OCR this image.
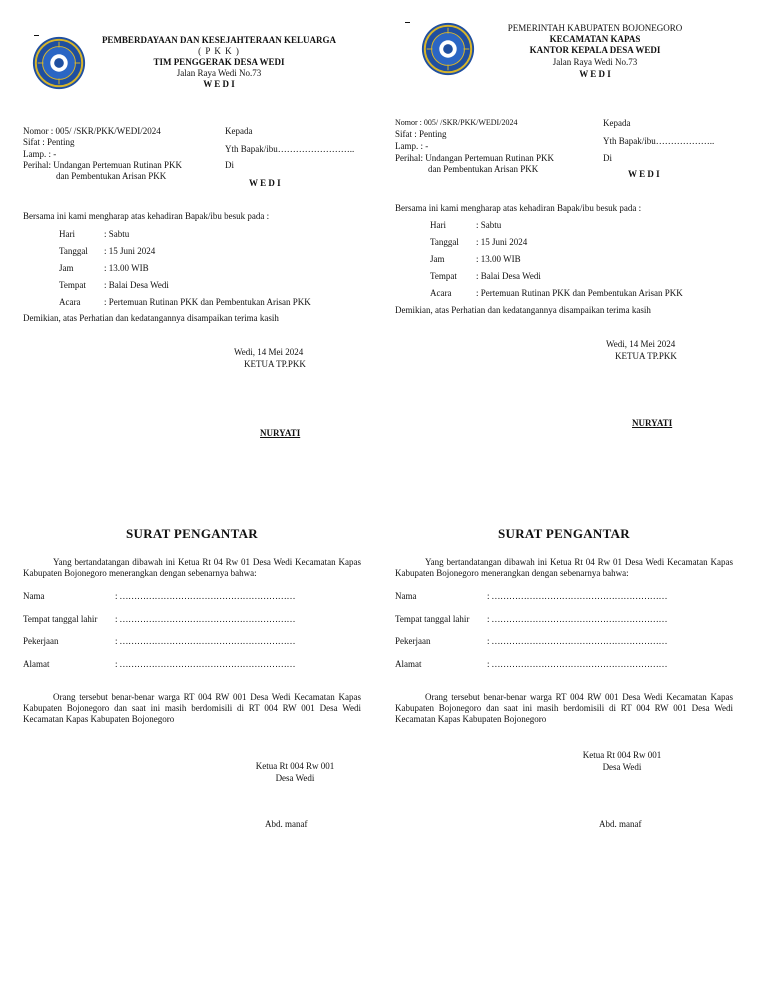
PEMBERDAYAAN DAN KESEJAHTERAAN KELUARGA
( P K K )
TIM PENGGERAK DESA WEDI
Jalan Raya Wedi No.73
W E D I
Nomor : 005/ /SKR/PKK/WEDI/2024
Sifat : Penting
Lamp. : -
Perihal: Undangan Pertemuan Rutinan PKK
dan Pembentukan Arisan PKK
Kepada
Yth Bapak/ibu……………………..
Di
W E D I
Bersama ini kami mengharap atas kehadiran Bapak/ibu besuk pada :
Hari	: Sabtu
Tanggal : 15 Juni 2024
Jam	: 13.00 WIB
Tempat : Balai Desa Wedi
Acara	: Pertemuan Rutinan PKK dan Pembentukan Arisan PKK
Demikian, atas Perhatian dan kedatangannya disampaikan terima kasih
Wedi, 14 Mei 2024
KETUA TP.PKK
NURYATI
PEMERINTAH KABUPATEN BOJONEGORO
KECAMATAN KAPAS
KANTOR KEPALA DESA WEDI
Jalan Raya Wedi No.73
W E D I
Nomor : 005/ /SKR/PKK/WEDI/2024
Sifat : Penting
Lamp. : -
Perihal: Undangan Pertemuan Rutinan PKK
dan Pembentukan Arisan PKK
Kepada
Yth Bapak/ibu………………..
Di
W E D I
Bersama ini kami mengharap atas kehadiran Bapak/ibu besuk pada :
Hari	: Sabtu
Tanggal : 15 Juni 2024
Jam	: 13.00 WIB
Tempat : Balai Desa Wedi
Acara	: Pertemuan Rutinan PKK dan Pembentukan Arisan PKK
Demikian, atas Perhatian dan kedatangannya disampaikan terima kasih
Wedi, 14 Mei 2024
KETUA TP.PKK
NURYATI
SURAT PENGANTAR
Yang bertandatangan dibawah ini Ketua Rt 04 Rw 01 Desa Wedi Kecamatan Kapas Kabupaten Bojonegoro menerangkan dengan sebenarnya bahwa:
Nama	: ……………………………………………………
Tempat tanggal lahir : ……………………………………………………
Pekerjaan	: ……………………………………………………
Alamat	: ……………………………………………………
Orang tersebut benar-benar warga RT 004 RW 001 Desa Wedi Kecamatan Kapas Kabupaten Bojonegoro dan saat ini masih berdomisili di RT 004 RW 001 Desa Wedi Kecamatan Kapas Kabupaten Bojonegoro
Ketua Rt 004 Rw 001
Desa Wedi
Abd. manaf
SURAT PENGANTAR
Yang bertandatangan dibawah ini Ketua Rt 04 Rw 01 Desa Wedi Kecamatan Kapas Kabupaten Bojonegoro menerangkan dengan sebenarnya bahwa:
Nama	: ……………………………………………………
Tempat tanggal lahir : ……………………………………………………
Pekerjaan	: ……………………………………………………
Alamat	: ……………………………………………………
Orang tersebut benar-benar warga RT 004 RW 001 Desa Wedi Kecamatan Kapas Kabupaten Bojonegoro dan saat ini masih berdomisili di RT 004 RW 001 Desa Wedi Kecamatan Kapas Kabupaten Bojonegoro
Ketua Rt 004 Rw 001
Desa Wedi
Abd. manaf
